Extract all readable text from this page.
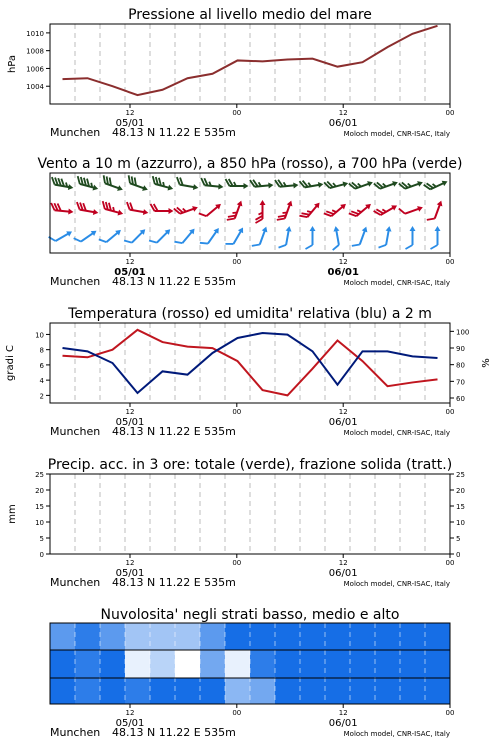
Pressione al livello medio del mare
hPa
1004
1006
1008
1010
12	00	12	00
05/01	06/01
Munchen 48.13 N 11.22 E 535m	Moloch model, CNR-ISAC, Italy
Vento a 10 m (azzurro), a 850 hPa (rosso), a 700 hPa (verde)
12	00	12	00
05/01	06/01
Munchen 48.13 N 11.22 E 535m	Moloch model, CNR-ISAC, Italy
Temperatura (rosso) ed umidita' relativa (blu) a 2 m
gradi C	%
2
4
6
8
10
60
70
80
90
100
12	00	12	00
05/01	06/01
Munchen 48.13 N 11.22 E 535m	Moloch model, CNR-ISAC, Italy
Precip. acc. in 3 ore: totale (verde), frazione solida (tratt.)
mm
0
5
10
15
20
25
0
5
10
15
20
25
12	00	12	00
05/01	06/01
Munchen 48.13 N 11.22 E 535m	Moloch model, CNR-ISAC, Italy
Nuvolosita' negli strati basso, medio e alto
12	00	12	00
05/01	06/01
Munchen 48.13 N 11.22 E 535m	Moloch model, CNR-ISAC, Italy
